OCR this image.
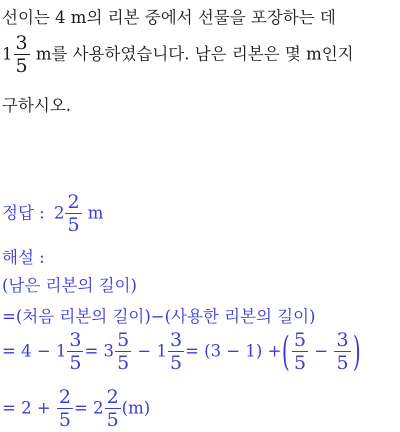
선이는 4 m의 리본 중에서 선물을 포장하는 데
$1 \frac{3}{5}$ m를 사용하였습니다. 남은 리본은 몇 m인지
구하시오.
정답 : $2 \frac{2}{5}$ m
해설 :
(남은 리본의 길이)
=(처음 리본의 길이)−(사용한 리본의 길이)
= $4 - 1 \frac{3}{5} = 3 \frac{5}{5} - 1 \frac{3}{5} = (3 - 1)$ +( $\frac{5}{5} - \frac{3}{5}$ )
= $2 + \frac{2}{5} = 2 \frac{2}{5} (m)$
